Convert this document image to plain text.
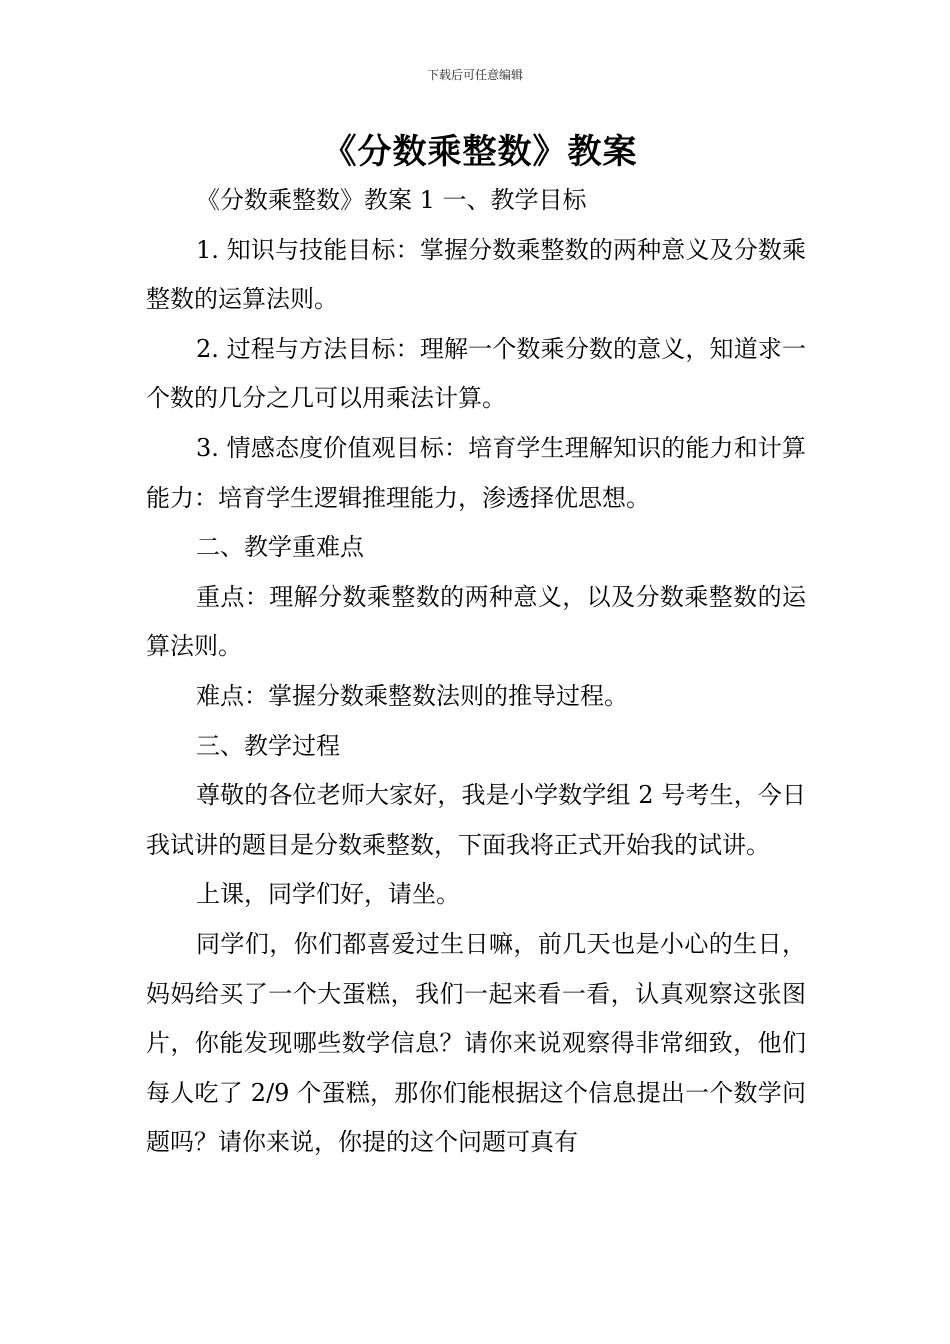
下载后可任意编辑
《分数乘整数》教案

《分数乘整数》教案 1 一、教学目标

1. 知识与技能目标：掌握分数乘整数的两种意义及分数乘整数的运算法则。

2. 过程与方法目标：理解一个数乘分数的意义，知道求一个数的几分之几可以用乘法计算。

3. 情感态度价值观目标：培育学生理解知识的能力和计算能力：培育学生逻辑推理能力，渗透择优思想。

二、教学重难点

重点：理解分数乘整数的两种意义，以及分数乘整数的运算法则。

难点：掌握分数乘整数法则的推导过程。

三、教学过程

尊敬的各位老师大家好，我是小学数学组 2 号考生，今日我试讲的题目是分数乘整数，下面我将正式开始我的试讲。

上课，同学们好，请坐。

同学们，你们都喜爱过生日嘛，前几天也是小心的生日，妈妈给买了一个大蛋糕，我们一起来看一看，认真观察这张图片，你能发现哪些数学信息？请你来说观察得非常细致，他们每人吃了 2/9 个蛋糕，那你们能根据这个信息提出一个数学问题吗？请你来说，你提的这个问题可真有
